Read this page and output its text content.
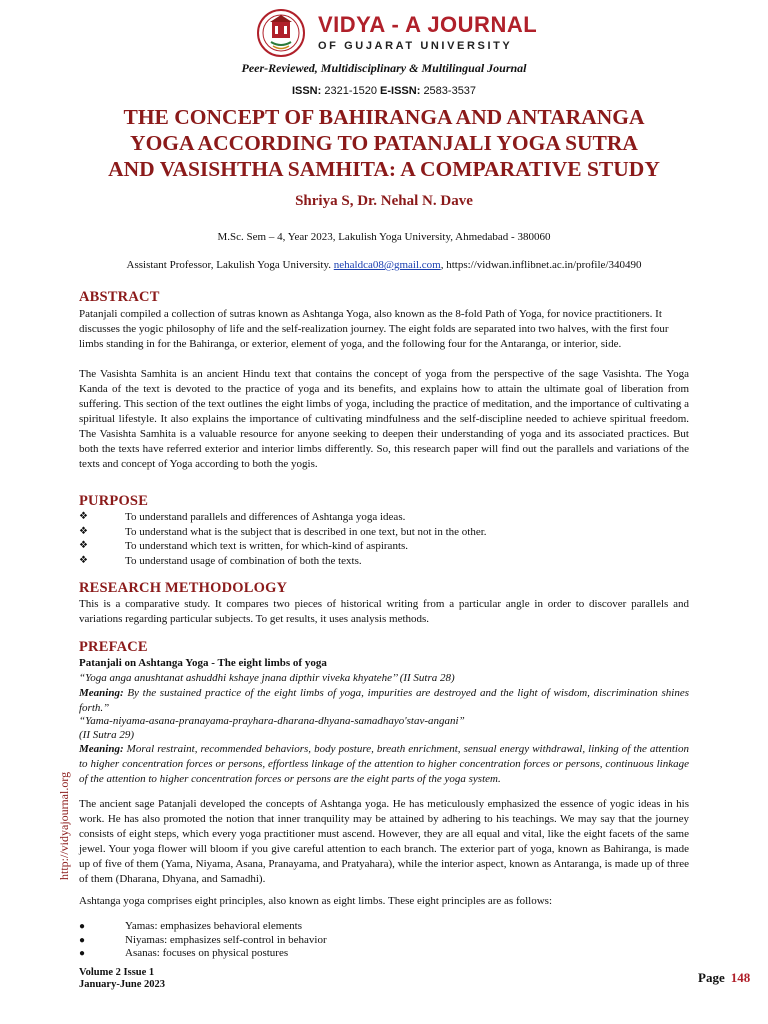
VIDYA - A JOURNAL
OF GUJARAT UNIVERSITY
Peer-Reviewed, Multidisciplinary & Multilingual Journal
ISSN: 2321-1520 E-ISSN: 2583-3537
THE CONCEPT OF BAHIRANGA AND ANTARANGA
YOGA ACCORDING TO PATANJALI YOGA SUTRA
AND VASISHTHA SAMHITA: A COMPARATIVE STUDY
Shriya S, Dr. Nehal N. Dave
M.Sc. Sem – 4, Year 2023, Lakulish Yoga University, Ahmedabad - 380060
Assistant Professor, Lakulish Yoga University. nehaldca08@gmail.com, https://vidwan.inflibnet.ac.in/profile/340490
ABSTRACT
Patanjali compiled a collection of sutras known as Ashtanga Yoga, also known as the 8-fold Path of Yoga, for novice practitioners. It discusses the yogic philosophy of life and the self-realization journey. The eight folds are separated into two halves, with the first four limbs standing in for the Bahiranga, or exterior, element of yoga, and the following four for the Antaranga, or interior, side.
The Vasishta Samhita is an ancient Hindu text that contains the concept of yoga from the perspective of the sage Vasishta. The Yoga Kanda of the text is devoted to the practice of yoga and its benefits, and explains how to attain the ultimate goal of liberation from suffering. This section of the text outlines the eight limbs of yoga, including the practice of meditation, and the importance of cultivating a spiritual lifestyle. It also explains the importance of cultivating mindfulness and the self-discipline needed to achieve spiritual freedom. The Vasishta Samhita is a valuable resource for anyone seeking to deepen their understanding of yoga and its associated practices. But both the texts have referred exterior and interior limbs differently. So, this research paper will find out the parallels and variations of the texts and concept of Yoga according to both the yogis.
PURPOSE
❖	To understand parallels and differences of Ashtanga yoga ideas.
❖	To understand what is the subject that is described in one text, but not in the other.
❖	To understand which text is written, for which-kind of aspirants.
❖	To understand usage of combination of both the texts.
RESEARCH METHODOLOGY
This is a comparative study. It compares two pieces of historical writing from a particular angle in order to discover parallels and variations regarding particular subjects. To get results, it uses analysis methods.
PREFACE
Patanjali on Ashtanga Yoga - The eight limbs of yoga
“Yoga anga anushtanat ashuddhi kshaye jnana dipthir viveka khyatehe’’ (II Sutra 28)
Meaning: By the sustained practice of the eight limbs of yoga, impurities are destroyed and the light of wisdom, discrimination shines forth.”
“Yama-niyama-asana-pranayama-prayhara-dharana-dhyana-samadhayo'stav-angani”
(II Sutra 29)
Meaning: Moral restraint, recommended behaviors, body posture, breath enrichment, sensual energy withdrawal, linking of the attention to higher concentration forces or persons, effortless linkage of the attention to higher concentration forces or persons, continuous linkage of the attention to higher concentration forces or persons are the eight parts of the yoga system.
The ancient sage Patanjali developed the concepts of Ashtanga yoga. He has meticulously emphasized the essence of yogic ideas in his work. He has also promoted the notion that inner tranquility may be attained by adhering to his teachings. We may say that the journey consists of eight steps, which every yoga practitioner must ascend. However, they are all equal and vital, like the eight facets of the same jewel. Your yoga flower will bloom if you give careful attention to each branch. The exterior part of yoga, known as Bahiranga, is made up of five of them (Yama, Niyama, Asana, Pranayama, and Pratyahara), while the interior aspect, known as Antaranga, is made up of three of them (Dharana, Dhyana, and Samadhi).
Ashtanga yoga comprises eight principles, also known as eight limbs. These eight principles are as follows:
●	Yamas: emphasizes behavioral elements
●	Niyamas: emphasizes self-control in behavior
●	Asanas: focuses on physical postures
http://vidyajournal.org
Volume 2 Issue 1
January-June 2023	Page 148
